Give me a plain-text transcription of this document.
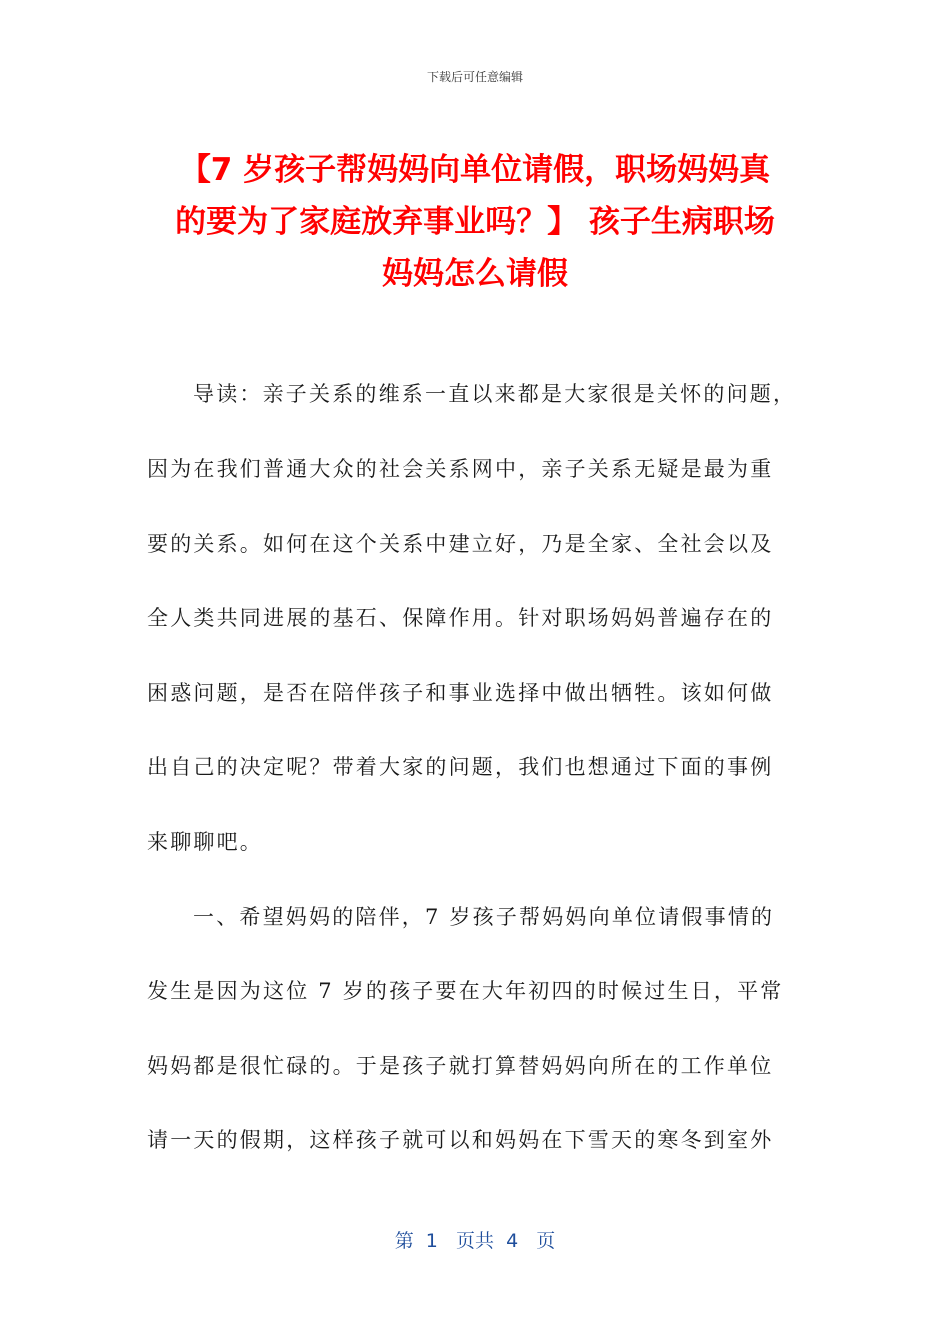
下载后可任意编辑
【7 岁孩子帮妈妈向单位请假，职场妈妈真
的要为了家庭放弃事业吗？】 孩子生病职场
妈妈怎么请假
导读：亲子关系的维系一直以来都是大家很是关怀的问题，
因为在我们普通大众的社会关系网中，亲子关系无疑是最为重
要的关系。如何在这个关系中建立好，乃是全家、全社会以及
全人类共同进展的基石、保障作用。针对职场妈妈普遍存在的
困惑问题，是否在陪伴孩子和事业选择中做出牺牲。该如何做
出自己的决定呢？带着大家的问题，我们也想通过下面的事例
来聊聊吧。
一、希望妈妈的陪伴，7 岁孩子帮妈妈向单位请假事情的
发生是因为这位 7 岁的孩子要在大年初四的时候过生日，平常
妈妈都是很忙碌的。于是孩子就打算替妈妈向所在的工作单位
请一天的假期，这样孩子就可以和妈妈在下雪天的寒冬到室外
第  1   页共  4   页
